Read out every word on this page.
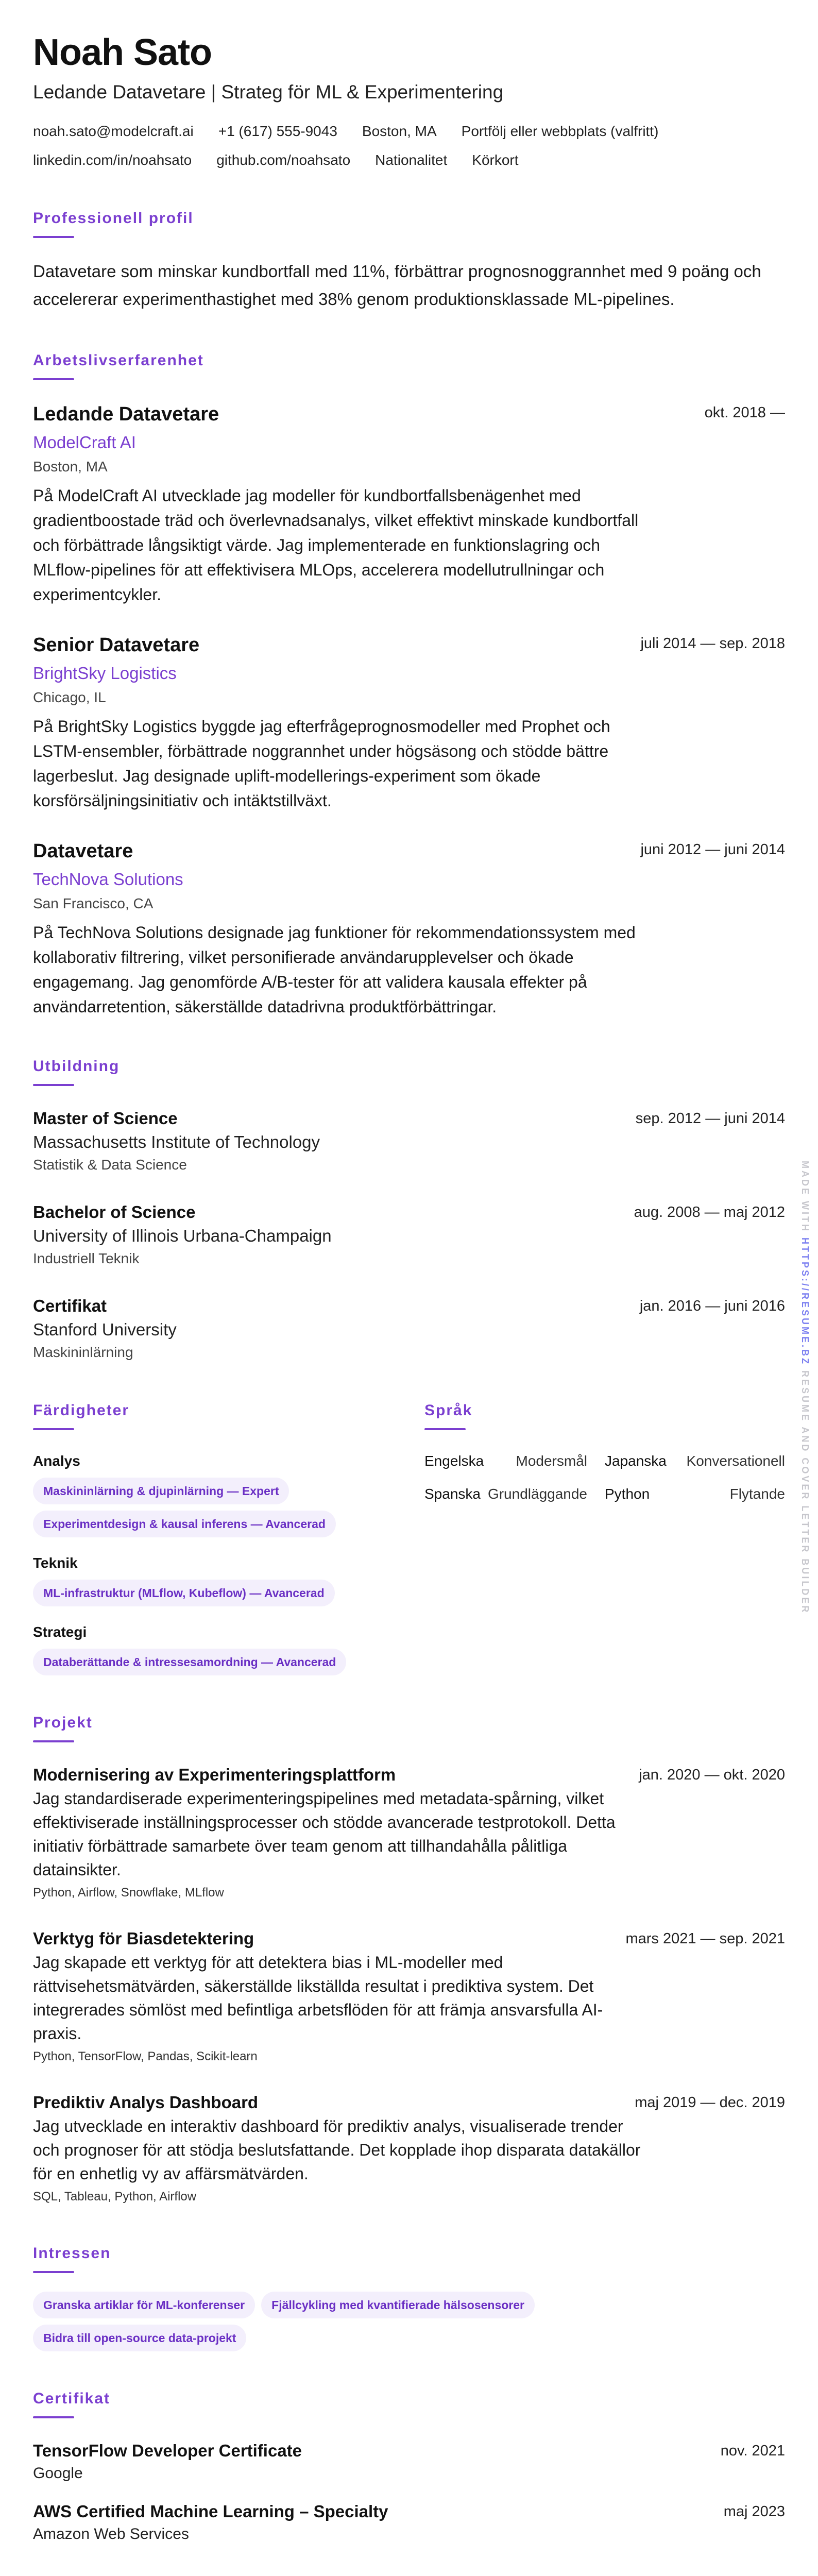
Noah Sato
Ledande Datavetare | Strateg för ML & Experimentering
noah.sato@modelcraft.ai +1 (617) 555-9043 Boston, MA Portfölj eller webbplats (valfritt)
linkedin.com/in/noahsato github.com/noahsato Nationalitet Körkort
Professionell profil
Datavetare som minskar kundbortfall med 11%, förbättrar prognosnoggrannhet med 9 poäng och accelererar experimenthastighet med 38% genom produktionsklassade ML-pipelines.
Arbetslivserfarenhet
Ledande Datavetare	okt. 2018 —
ModelCraft AI
Boston, MA
På ModelCraft AI utvecklade jag modeller för kundbortfallsbenägenhet med gradientboostade träd och överlevnadsanalys, vilket effektivt minskade kundbortfall och förbättrade långsiktigt värde. Jag implementerade en funktionslagring och MLflow-pipelines för att effektivisera MLOps, accelerera modellutrullningar och experimentcykler.
Senior Datavetare	juli 2014 — sep. 2018
BrightSky Logistics
Chicago, IL
På BrightSky Logistics byggde jag efterfrågeprognosmodeller med Prophet och LSTM-ensembler, förbättrade noggrannhet under högsäsong och stödde bättre lagerbeslut. Jag designade uplift-modellerings-experiment som ökade korsförsäljningsinitiativ och intäktstillväxt.
Datavetare	juni 2012 — juni 2014
TechNova Solutions
San Francisco, CA
På TechNova Solutions designade jag funktioner för rekommendationssystem med kollaborativ filtrering, vilket personifierade användarupplevelser och ökade engagemang. Jag genomförde A/B-tester för att validera kausala effekter på användarretention, säkerställde datadrivna produktförbättringar.
Utbildning
Master of Science	sep. 2012 — juni 2014
Massachusetts Institute of Technology
Statistik & Data Science
Bachelor of Science	aug. 2008 — maj 2012
University of Illinois Urbana-Champaign
Industriell Teknik
Certifikat	jan. 2016 — juni 2016
Stanford University
Maskininlärning
Färdigheter
Analys
Maskininlärning & djupinlärning — Expert
Experimentdesign & kausal inferens — Avancerad
Teknik
ML-infrastruktur (MLflow, Kubeflow) — Avancerad
Strategi
Databerättande & intressesamordning — Avancerad
Språk
Engelska Modersmål Japanska Konversationell
Spanska Grundläggande Python	Flytande
Projekt
Modernisering av Experimenteringsplattform	jan. 2020 — okt. 2020
Jag standardiserade experimenteringspipelines med metadata-spårning, vilket effektiviserade inställningsprocesser och stödde avancerade testprotokoll. Detta initiativ förbättrade samarbete över team genom att tillhandahålla pålitliga datainsikter.
Python, Airflow, Snowflake, MLflow
Verktyg för Biasdetektering	mars 2021 — sep. 2021
Jag skapade ett verktyg för att detektera bias i ML-modeller med rättvisehetsmätvärden, säkerställde likställda resultat i prediktiva system. Det integrerades sömlöst med befintliga arbetsflöden för att främja ansvarsfulla AI-praxis.
Python, TensorFlow, Pandas, Scikit-learn
Prediktiv Analys Dashboard	maj 2019 — dec. 2019
Jag utvecklade en interaktiv dashboard för prediktiv analys, visualiserade trender och prognoser för att stödja beslutsfattande. Det kopplade ihop disparata datakällor för en enhetlig vy av affärsmätvärden.
SQL, Tableau, Python, Airflow
Intressen
Granska artiklar för ML-konferenser	Fjällcykling med kvantifierade hälsosensorer
Bidra till open-source data-projekt
Certifikat
TensorFlow Developer Certificate	nov. 2021
Google
AWS Certified Machine Learning – Specialty	maj 2023
Amazon Web Services
MADE WITH HTTPS://RESUME.BZ RESUME AND COVER LETTER BUILDER
